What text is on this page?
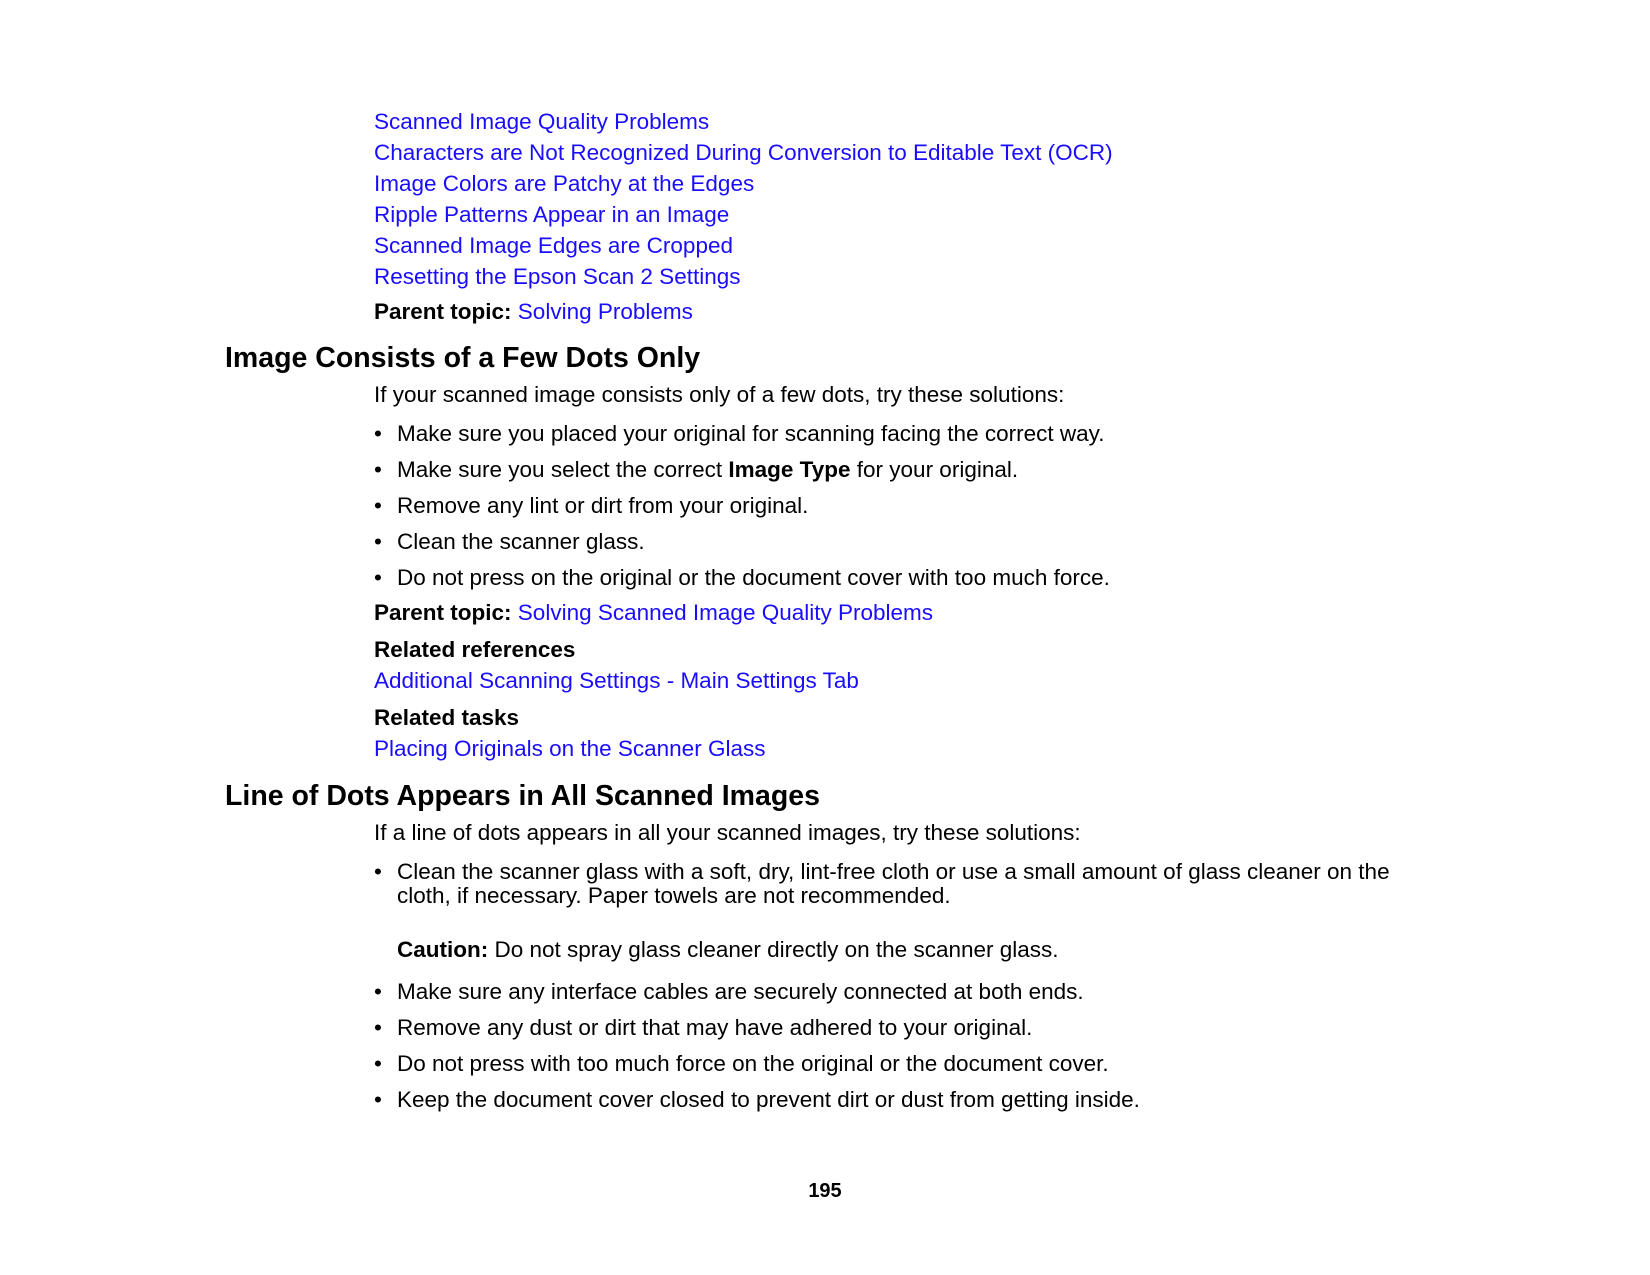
Scanned Image Quality Problems
Characters are Not Recognized During Conversion to Editable Text (OCR)
Image Colors are Patchy at the Edges
Ripple Patterns Appear in an Image
Scanned Image Edges are Cropped
Resetting the Epson Scan 2 Settings

Parent topic: Solving Problems

Image Consists of a Few Dots Only

If your scanned image consists only of a few dots, try these solutions:

• Make sure you placed your original for scanning facing the correct way.
• Make sure you select the correct Image Type for your original.
• Remove any lint or dirt from your original.
• Clean the scanner glass.
• Do not press on the original or the document cover with too much force.

Parent topic: Solving Scanned Image Quality Problems

Related references
Additional Scanning Settings - Main Settings Tab
Related tasks
Placing Originals on the Scanner Glass
Line of Dots Appears in All Scanned Images

If a line of dots appears in all your scanned images, try these solutions:

• Clean the scanner glass with a soft, dry, lint-free cloth or use a small amount of glass cleaner on the cloth, if necessary. Paper towels are not recommended.
Caution: Do not spray glass cleaner directly on the scanner glass.
• Make sure any interface cables are securely connected at both ends.
• Remove any dust or dirt that may have adhered to your original.
• Do not press with too much force on the original or the document cover.
• Keep the document cover closed to prevent dirt or dust from getting inside.
195
